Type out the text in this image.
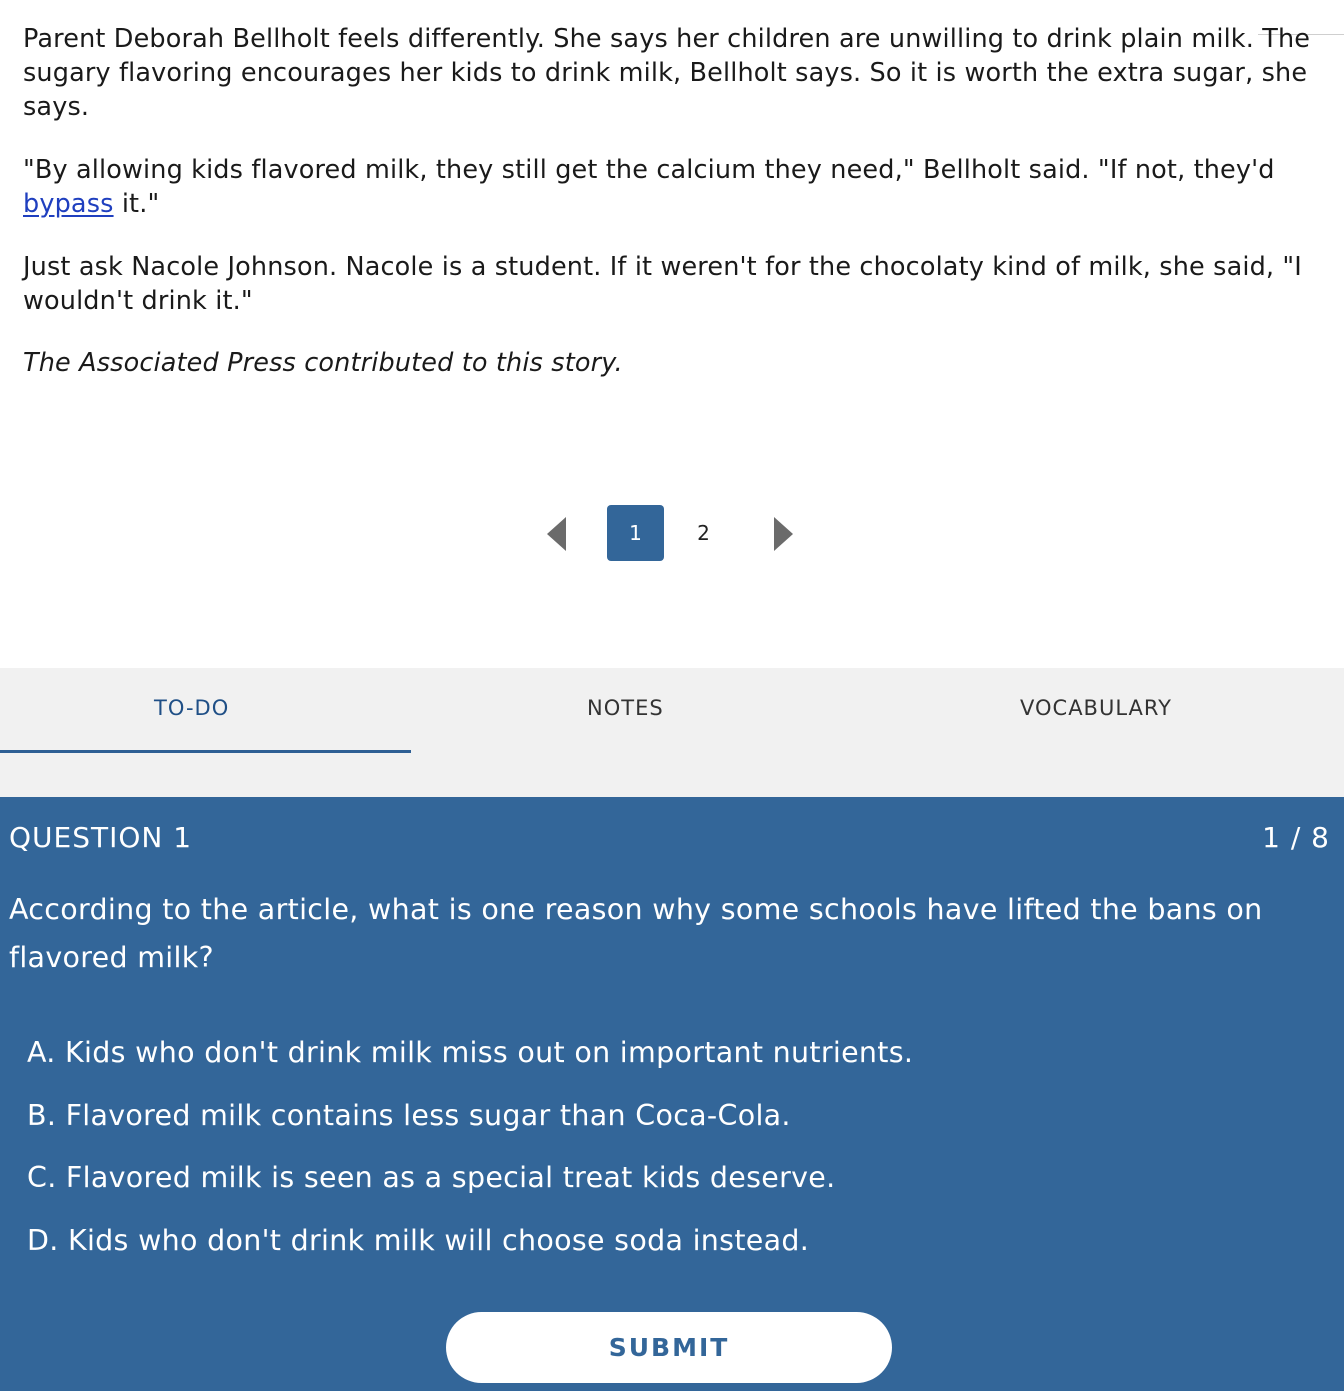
Parent Deborah Bellholt feels differently. She says her children are unwilling to drink plain milk. The sugary flavoring encourages her kids to drink milk, Bellholt says. So it is worth the extra sugar, she says.

"By allowing kids flavored milk, they still get the calcium they need," Bellholt said. "If not, they'd bypass it."

Just ask Nacole Johnson. Nacole is a student. If it weren't for the chocolaty kind of milk, she said, "I wouldn't drink it."

The Associated Press contributed to this story.

1	2
TO-DO	NOTES	VOCABULARY
QUESTION 1	1 / 8

According to the article, what is one reason why some schools have lifted the bans on flavored milk?

A. Kids who don't drink milk miss out on important nutrients.
B. Flavored milk contains less sugar than Coca-Cola.
C. Flavored milk is seen as a special treat kids deserve.
D. Kids who don't drink milk will choose soda instead.
SUBMIT
